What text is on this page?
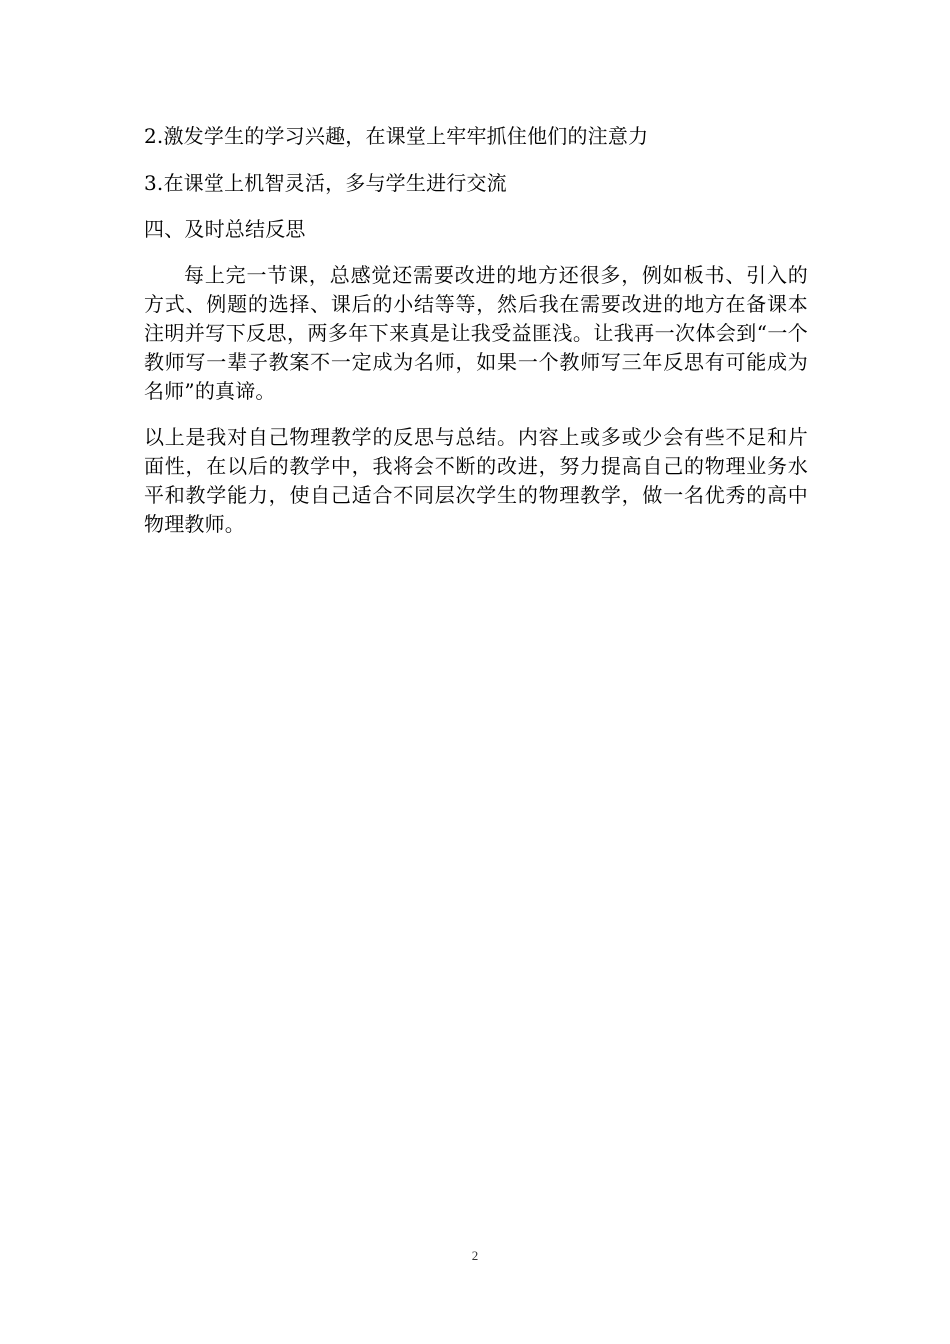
2.激发学生的学习兴趣，在课堂上牢牢抓住他们的注意力

3.在课堂上机智灵活，多与学生进行交流

四、及时总结反思

每上完一节课，总感觉还需要改进的地方还很多，例如板书、引入的方式、例题的选择、课后的小结等等，然后我在需要改进的地方在备课本注明并写下反思，两多年下来真是让我受益匪浅。让我再一次体会到“一个教师写一辈子教案不一定成为名师，如果一个教师写三年反思有可能成为名师”的真谛。

以上是我对自己物理教学的反思与总结。内容上或多或少会有些不足和片面性，在以后的教学中，我将会不断的改进，努力提高自己的物理业务水平和教学能力，使自己适合不同层次学生的物理教学，做一名优秀的高中物理教师。

2
